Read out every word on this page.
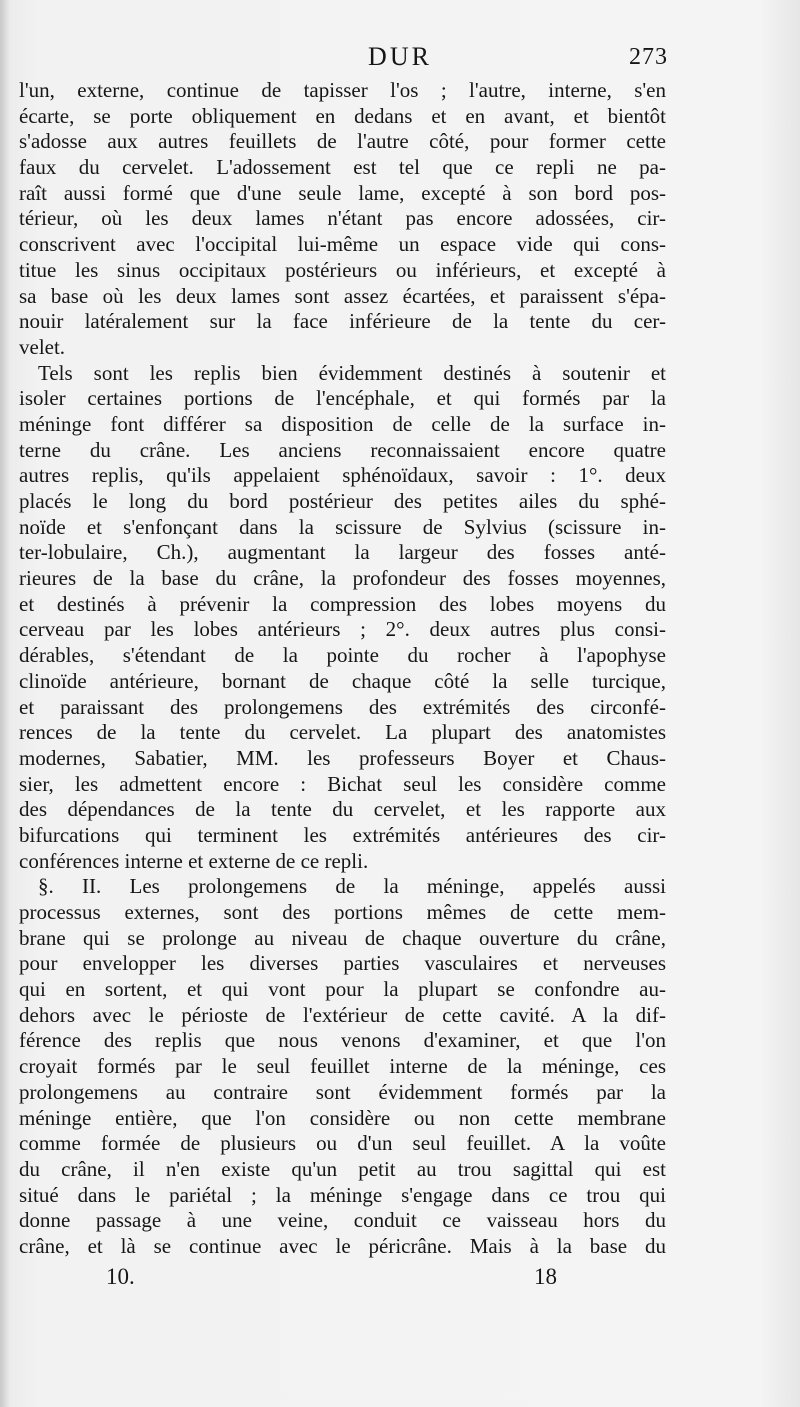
DUR	273
l'un, externe, continue de tapisser l'os ; l'autre, interne, s'en
écarte, se porte obliquement en dedans et en avant, et bientôt
s'adosse aux autres feuillets de l'autre côté, pour former cette
faux du cervelet. L'adossement est tel que ce repli ne pa-
raît aussi formé que d'une seule lame, excepté à son bord pos-
térieur, où les deux lames n'étant pas encore adossées, cir-
conscrivent avec l'occipital lui-même un espace vide qui cons-
titue les sinus occipitaux postérieurs ou inférieurs, et excepté à
sa base où les deux lames sont assez écartées, et paraissent s'épa-
nouir latéralement sur la face inférieure de la tente du cer-
velet.
Tels sont les replis bien évidemment destinés à soutenir et
isoler certaines portions de l'encéphale, et qui formés par la
méninge font différer sa disposition de celle de la surface in-
terne du crâne. Les anciens reconnaissaient encore quatre
autres replis, qu'ils appelaient sphénoïdaux, savoir : 1°. deux
placés le long du bord postérieur des petites ailes du sphé-
noïde et s'enfonçant dans la scissure de Sylvius (scissure in-
ter-lobulaire, Ch.), augmentant la largeur des fosses anté-
rieures de la base du crâne, la profondeur des fosses moyennes,
et destinés à prévenir la compression des lobes moyens du
cerveau par les lobes antérieurs ; 2°. deux autres plus consi-
dérables, s'étendant de la pointe du rocher à l'apophyse
clinoïde antérieure, bornant de chaque côté la selle turcique,
et paraissant des prolongemens des extrémités des circonfé-
rences de la tente du cervelet. La plupart des anatomistes
modernes, Sabatier, MM. les professeurs Boyer et Chaus-
sier, les admettent encore : Bichat seul les considère comme
des dépendances de la tente du cervelet, et les rapporte aux
bifurcations qui terminent les extrémités antérieures des cir-
conférences interne et externe de ce repli.
§. II. Les prolongemens de la méninge, appelés aussi
processus externes, sont des portions mêmes de cette mem-
brane qui se prolonge au niveau de chaque ouverture du crâne,
pour envelopper les diverses parties vasculaires et nerveuses
qui en sortent, et qui vont pour la plupart se confondre au-
dehors avec le périoste de l'extérieur de cette cavité. A la dif-
férence des replis que nous venons d'examiner, et que l'on
croyait formés par le seul feuillet interne de la méninge, ces
prolongemens au contraire sont évidemment formés par la
méninge entière, que l'on considère ou non cette membrane
comme formée de plusieurs ou d'un seul feuillet. A la voûte
du crâne, il n'en existe qu'un petit au trou sagittal qui est
situé dans le pariétal ; la méninge s'engage dans ce trou qui
donne passage à une veine, conduit ce vaisseau hors du
crâne, et là se continue avec le péricrâne. Mais à la base du
10.	18
